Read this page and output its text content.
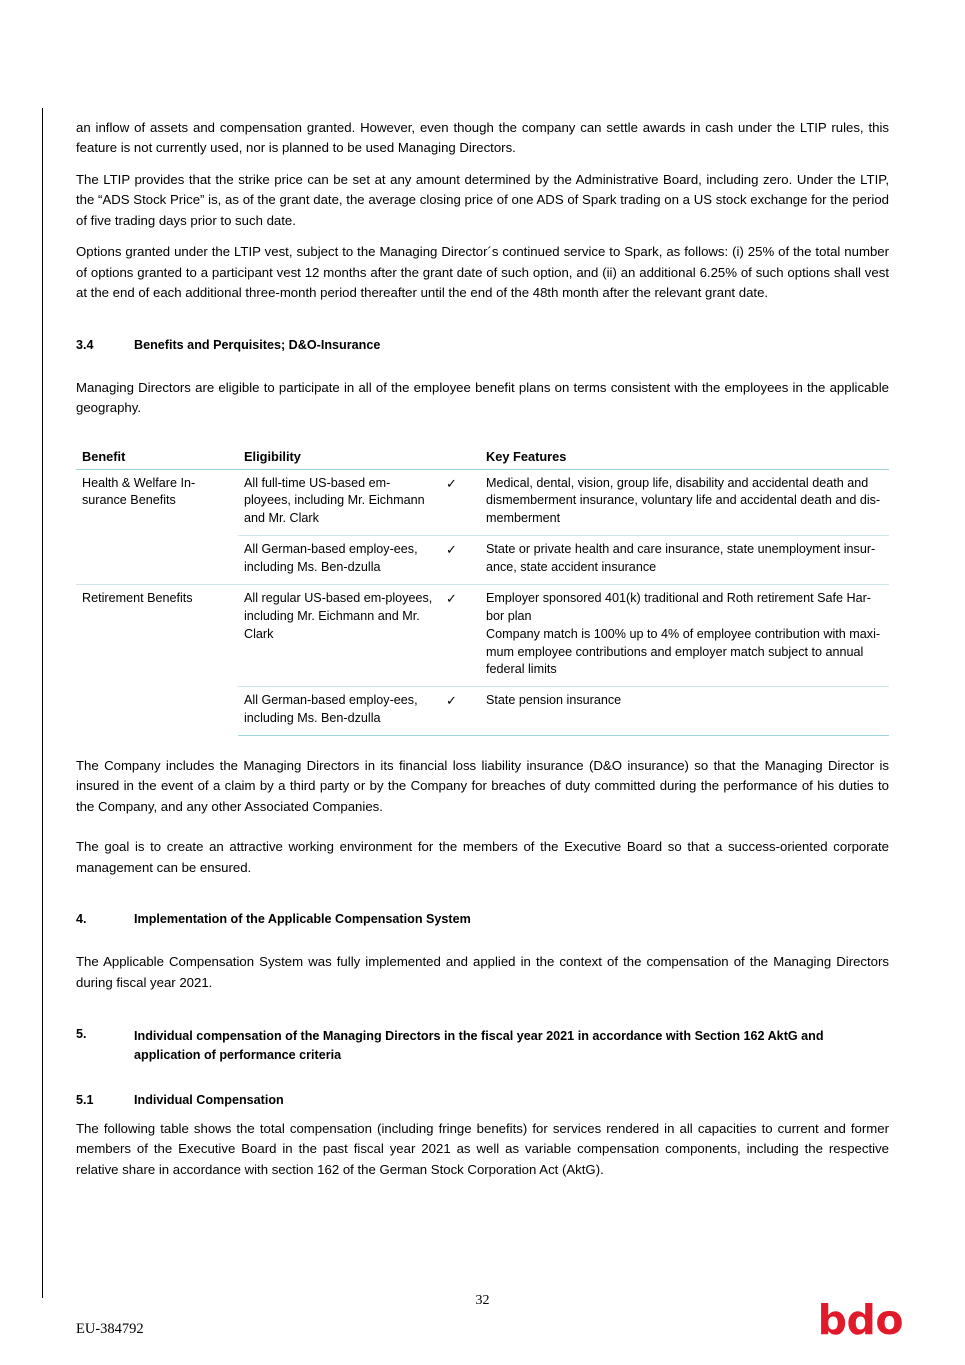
an inflow of assets and compensation granted. However, even though the company can settle awards in cash under the LTIP rules, this feature is not currently used, nor is planned to be used Managing Directors.

The LTIP provides that the strike price can be set at any amount determined by the Administrative Board, including zero. Under the LTIP, the “ADS Stock Price” is, as of the grant date, the average closing price of one ADS of Spark trading on a US stock exchange for the period of five trading days prior to such date.

Options granted under the LTIP vest, subject to the Managing Director´s continued service to Spark, as follows: (i) 25% of the total number of options granted to a participant vest 12 months after the grant date of such option, and (ii) an additional 6.25% of such options shall vest at the end of each additional three-month period thereafter until the end of the 48th month after the relevant grant date.

3.4	Benefits and Perquisites; D&O-Insurance

Managing Directors are eligible to participate in all of the employee benefit plans on terms consistent with the employees in the applicable geography.

Benefit	Eligibility		Key Features
Health & Welfare In-surance Benefits	All full-time US-based em-ployees, including Mr. Eichmann and Mr. Clark	✓	Medical, dental, vision, group life, disability and accidental death and dismemberment insurance, voluntary life and accidental death and dis-memberment

	All German-based employ-ees, including Ms. Ben-dzulla	✓	State or private health and care insurance, state unemployment insur-ance, state accident insurance

Retirement Benefits	All regular US-based em-ployees, including Mr. Eichmann and Mr. Clark	✓	Employer sponsored 401(k) traditional and Roth retirement Safe Har-bor plan
Company match is 100% up to 4% of employee contribution with maxi-mum employee contributions and employer match subject to annual federal limits

	All German-based employ-ees, including Ms. Ben-dzulla	✓	State pension insurance

The Company includes the Managing Directors in its financial loss liability insurance (D&O insurance) so that the Managing Director is insured in the event of a claim by a third party or by the Company for breaches of duty committed during the performance of his duties to the Company, and any other Associated Companies.

The goal is to create an attractive working environment for the members of the Executive Board so that a success-oriented corporate management can be ensured.

4.	Implementation of the Applicable Compensation System

The Applicable Compensation System was fully implemented and applied in the context of the compensation of the Managing Directors during fiscal year 2021.

5.	Individual compensation of the Managing Directors in the fiscal year 2021 in accordance with Section 162 AktG and application of performance criteria
5.1	Individual Compensation

The following table shows the total compensation (including fringe benefits) for services rendered in all capacities to current and former members of the Executive Board in the past fiscal year 2021 as well as variable compensation components, including the respective relative share in accordance with section 162 of the German Stock Corporation Act (AktG).

32
EU-384792	bdo
